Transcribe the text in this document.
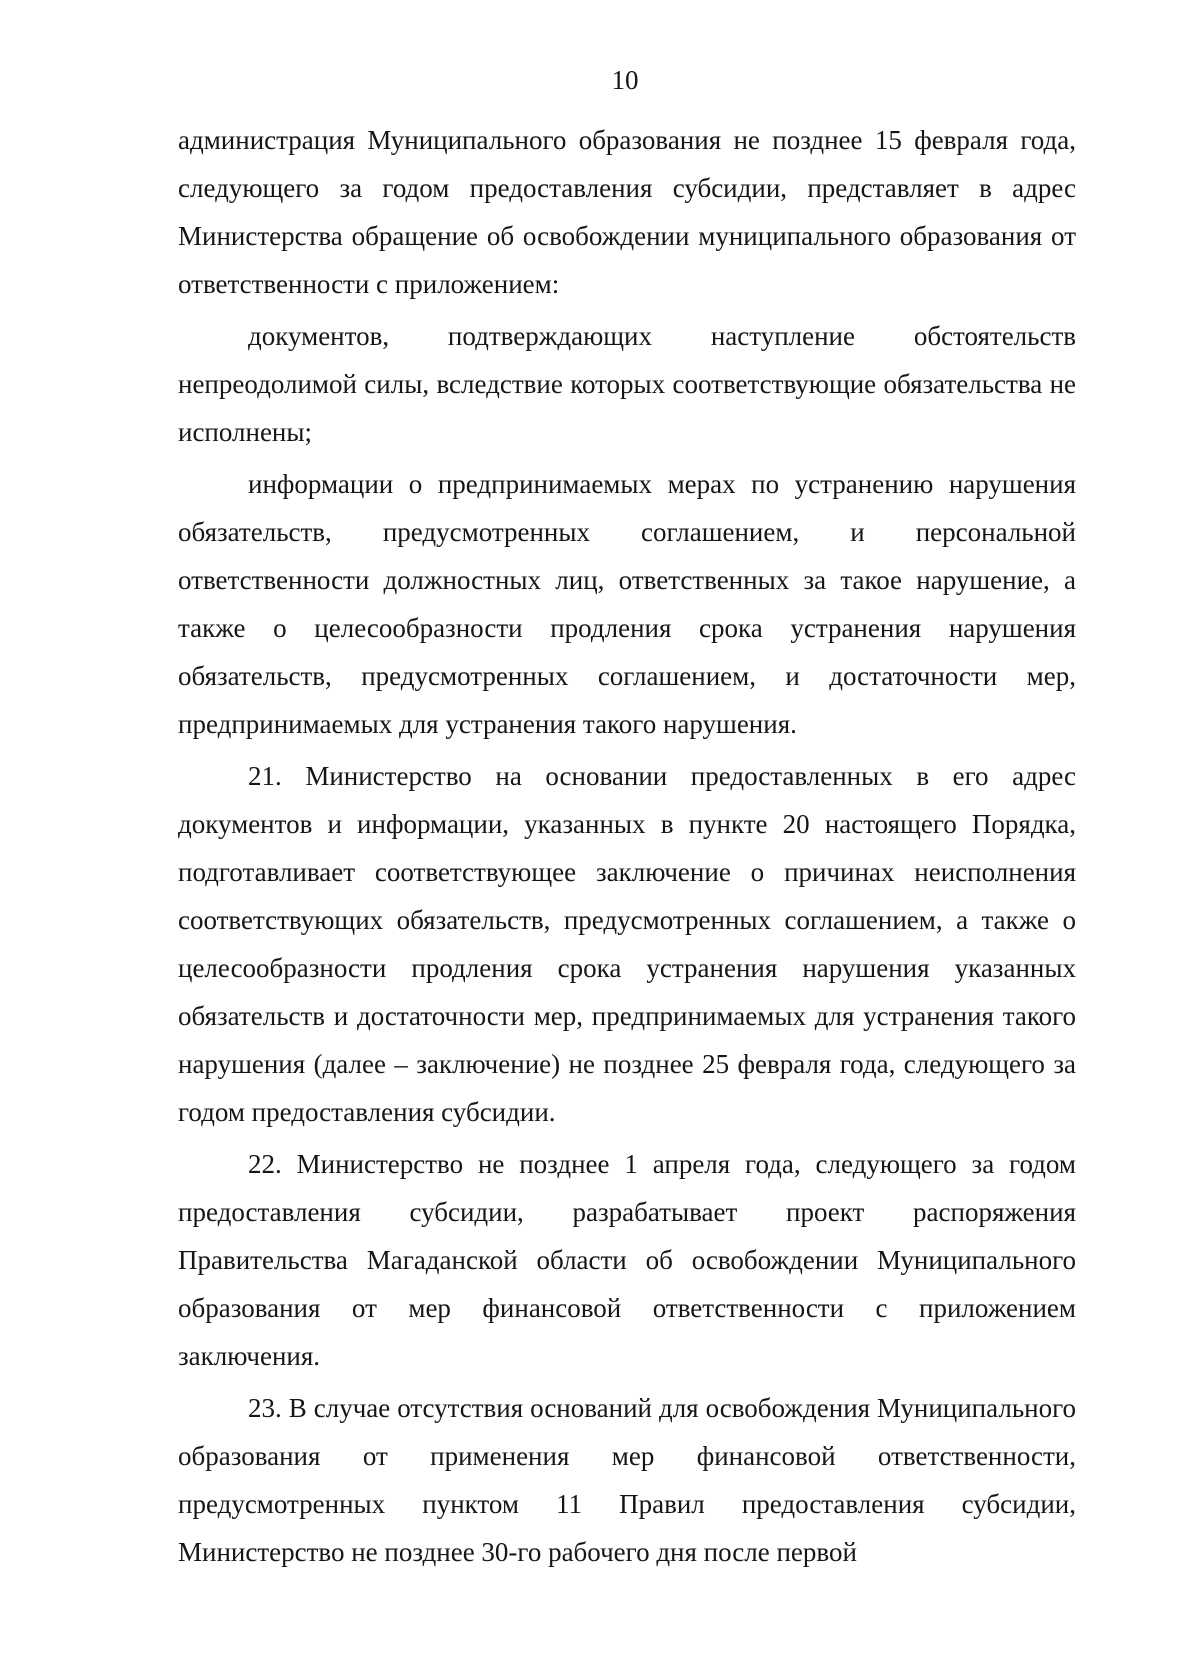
10

администрация Муниципального образования не позднее 15 февраля года, следующего за годом предоставления субсидии, представляет в адрес Министерства обращение об освобождении муниципального образования от ответственности с приложением:

документов, подтверждающих наступление обстоятельств непреодолимой силы, вследствие которых соответствующие обязательства не исполнены;

информации о предпринимаемых мерах по устранению нарушения обязательств, предусмотренных соглашением, и персональной ответственности должностных лиц, ответственных за такое нарушение, а также о целесообразности продления срока устранения нарушения обязательств, предусмотренных соглашением, и достаточности мер, предпринимаемых для устранения такого нарушения.

21. Министерство на основании предоставленных в его адрес документов и информации, указанных в пункте 20 настоящего Порядка, подготавливает соответствующее заключение о причинах неисполнения соответствующих обязательств, предусмотренных соглашением, а также о целесообразности продления срока устранения нарушения указанных обязательств и достаточности мер, предпринимаемых для устранения такого нарушения (далее – заключение) не позднее 25 февраля года, следующего за годом предоставления субсидии.

22. Министерство не позднее 1 апреля года, следующего за годом предоставления субсидии, разрабатывает проект распоряжения Правительства Магаданской области об освобождении Муниципального образования от мер финансовой ответственности с приложением заключения.

23. В случае отсутствия оснований для освобождения Муниципального образования от применения мер финансовой ответственности, предусмотренных пунктом 11 Правил предоставления субсидии, Министерство не позднее 30-го рабочего дня после первой
